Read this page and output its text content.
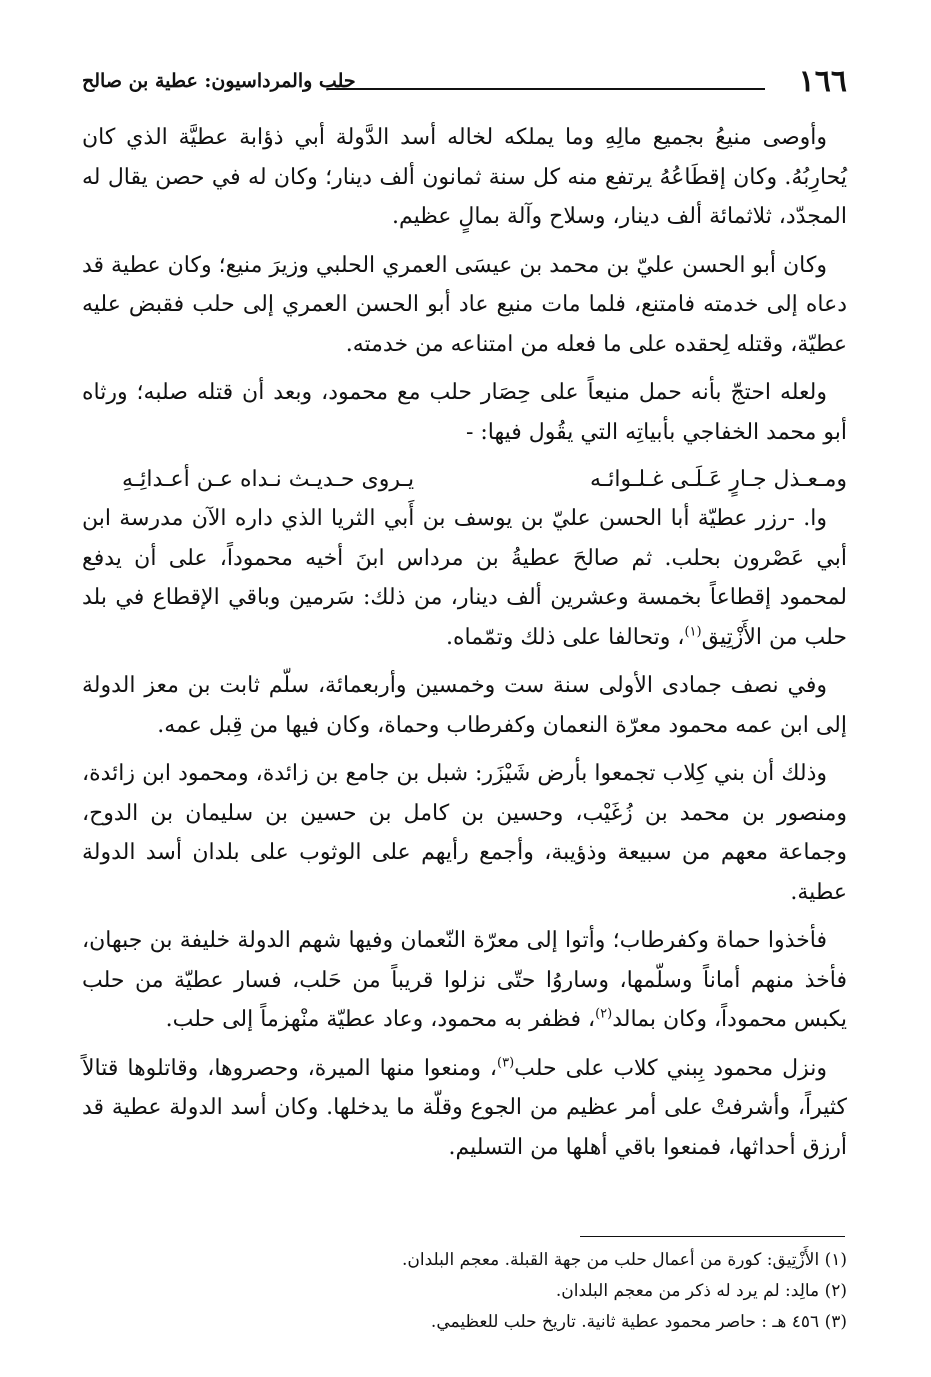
١٦٦
حلب والمرداسيون: عطية بن صالح

وأوصى منيعُ بجميع مالِهِ وما يملكه لخاله أسد الدَّولة أبي ذؤابة عطيَّة الذي كان يُحارِبُهُ. وكان إقطَاعُهُ يرتفع منه كل سنة ثمانون ألف دينار؛ وكان له في حصن يقال له المجدّد، ثلاثمائة ألف دينار، وسلاح وآلة بمالٍ عظيم.

وكان أبو الحسن عليّ بن محمد بن عيسَى العمري الحلبي وزيرَ منيع؛ وكان عطية قد دعاه إلى خدمته فامتنع، فلما مات منيع عاد أبو الحسن العمري إلى حلب فقبض عليه عطيّة، وقتله لِحقده على ما فعله من امتناعه من خدمته.

ولعله احتجّ بأنه حمل منيعاً على حِصَار حلب مع محمود، وبعد أن قتله صلبه؛ ورثاه أبو محمد الخفاجي بأبياتِه التي يقُول فيها: -

ومـعـذل جـارٍ عَـلَـى غـلـوائـه
يـروى حـديـث نـداه عـن أعـدائِـهِ

وا. -رزر عطيّة أبا الحسن عليّ بن يوسف بن أَبي الثريا الذي داره الآن مدرسة ابن أبي عَصْرون بحلب. ثم صالحَ عطيةُ بن مرداس ابنَ أخيه محموداً، على أن يدفع لمحمود إقطاعاً بخمسة وعشرين ألف دينار، من ذلك: سَرمين وباقي الإقطاع في بلد حلب من الأَزْتِيق$^{(١)}$، وتحالفا على ذلك وتمّماه.

وفي نصف جمادى الأولى سنة ست وخمسين وأربعمائة، سلّم ثابت بن معز الدولة إلى ابن عمه محمود معرّة النعمان وكفرطاب وحماة، وكان فيها من قِبل عمه.

وذلك أن بني كِلاب تجمعوا بأرض شَيْزَر: شبل بن جامع بن زائدة، ومحمود ابن زائدة، ومنصور بن محمد بن زُغَيْب، وحسين بن كامل بن حسين بن سليمان بن الدوح، وجماعة معهم من سبيعة وذؤيبة، وأجمع رأيهم على الوثوب على بلدان أسد الدولة عطية.

فأخذوا حماة وكفرطاب؛ وأتوا إلى معرّة النّعمان وفيها شهم الدولة خليفة بن جبهان، فأخذ منهم أماناً وسلّمها، وساروُا حتّى نزلوا قريباً من حَلب، فسار عطيّة من حلب يكبس محموداً، وكان بمالد$^{(٢)}$، فظفر به محمود، وعاد عطيّة منْهزماً إلى حلب.

ونزل محمود بِبني كلاب على حلب$^{(٣)}$، ومنعوا منها الميرة، وحصروها، وقاتلوها قتالاً كثيراً، وأشرفتْ على أمر عظيم من الجوع وقلّة ما يدخلها. وكان أسد الدولة عطية قد أرزق أحداثها، فمنعوا باقي أهلها من التسليم.

(١) الأَزْتِيق: كورة من أعمال حلب من جهة القبلة. معجم البلدان.

(٢) مالِد: لم يرد له ذكر من معجم البلدان.

(٣) ٤٥٦ هـ : حاصر محمود عطية ثانية. تاريخ حلب للعظيمي.
